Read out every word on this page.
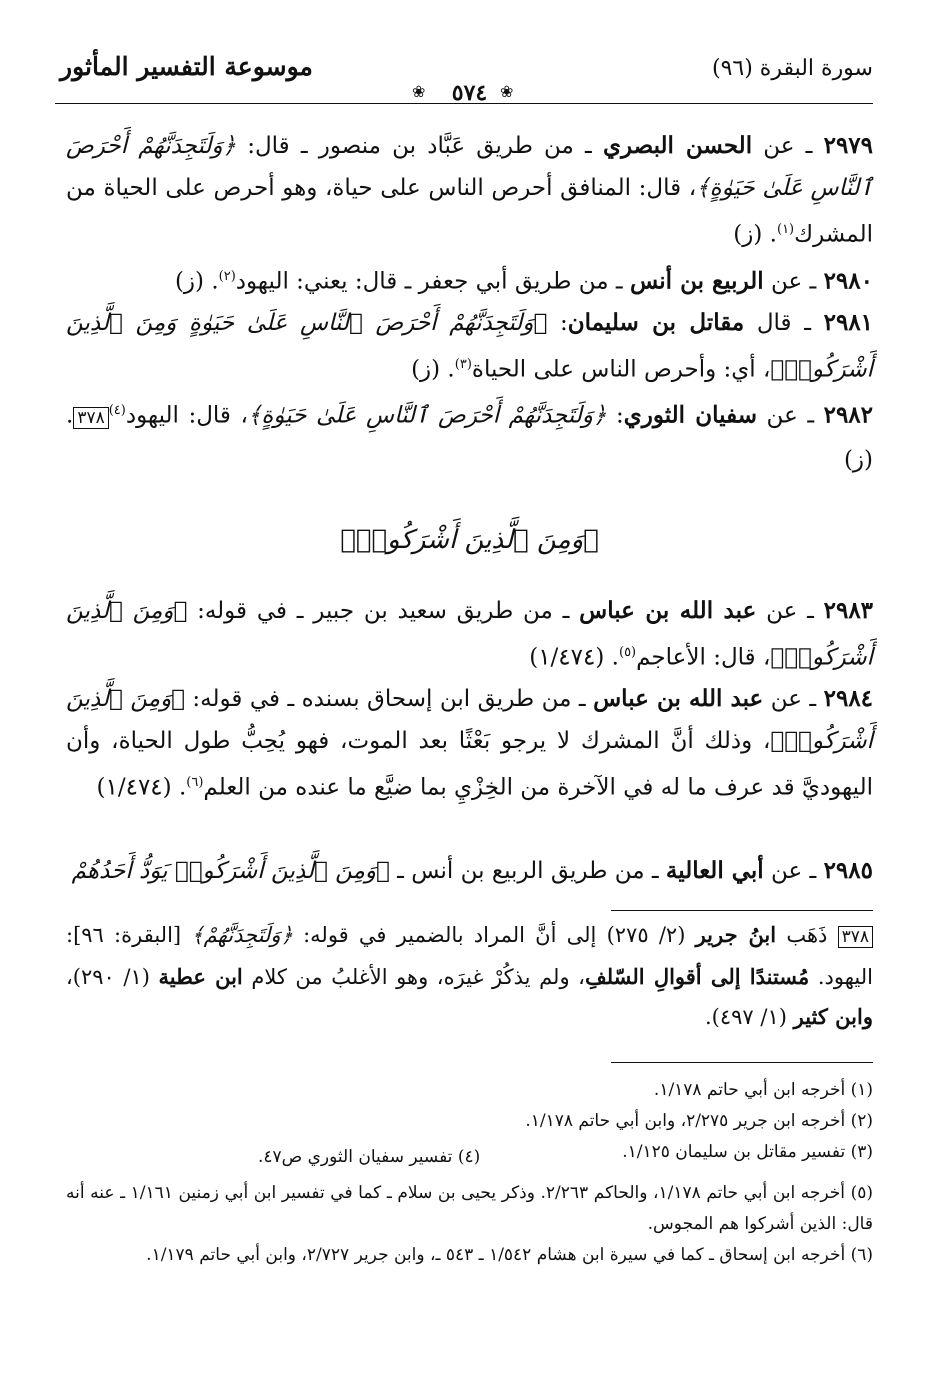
موسوعة التفسير المأثور	سورة البقرة (٩٦)
❀	٥٧٤ ❀
٢٩٧٩ ـ عن الحسن البصري ـ من طريق عَبَّاد بن منصور ـ قال: ﴿وَلَتَجِدَنَّهُمْ أَحْرَصَ ٱلنَّاسِ عَلَىٰ حَيَوٰةٍ﴾، قال: المنافق أحرص الناس على حياة، وهو أحرص على الحياة من المشرك$^{(١)}$. (ز)
٢٩٨٠ ـ عن الربيع بن أنس ـ من طريق أبي جعفر ـ قال: يعني: اليهود$^{(٢)}$. (ز)
٢٩٨١ ـ قال مقاتل بن سليمان: ﴿وَلَتَجِدَنَّهُمْ أَحْرَصَ ٱلنَّاسِ عَلَىٰ حَيَوٰةٍ وَمِنَ ٱلَّذِينَ أَشْرَكُوا۟﴾، أي: وأحرص الناس على الحياة$^{(٣)}$. (ز)
٢٩٨٢ ـ عن سفيان الثوري: ﴿وَلَتَجِدَنَّهُمْ أَحْرَصَ ٱلنَّاسِ عَلَىٰ حَيَوٰةٍ﴾، قال: اليهود$^{(٤)}$٣٧٨. (ز)
﴿وَمِنَ ٱلَّذِينَ أَشْرَكُوا۟﴾
٢٩٨٣ ـ عن عبد الله بن عباس ـ من طريق سعيد بن جبير ـ في قوله: ﴿وَمِنَ ٱلَّذِينَ أَشْرَكُوا۟﴾، قال: الأعاجم$^{(٥)}$. (١/٤٧٤)
٢٩٨٤ ـ عن عبد الله بن عباس ـ من طريق ابن إسحاق بسنده ـ في قوله: ﴿وَمِنَ ٱلَّذِينَ أَشْرَكُوا۟﴾، وذلك أنَّ المشرك لا يرجو بَعْثًا بعد الموت، فهو يُحِبُّ طول الحياة، وأن اليهوديَّ قد عرف ما له في الآخرة من الخِزْيِ بما ضيَّع ما عنده من العلم$^{(٦)}$. (١/٤٧٤)
٢٩٨٥ ـ عن أبي العالية ـ من طريق الربيع بن أنس ـ ﴿وَمِنَ ٱلَّذِينَ أَشْرَكُوا۟ يَوَدُّ أَحَدُهُمْ
٣٧٨ ذَهَب ابنُ جرير (٢/ ٢٧٥) إلى أنَّ المراد بالضمير في قوله: ﴿وَلَتَجِدَنَّهُمْ﴾ [البقرة: ٩٦]: اليهود. مُستندًا إلى أقوالِ السّلفِ، ولم يذكُرْ غيرَه، وهو الأغلبُ من كلام ابن عطية (١/ ٢٩٠)، وابن كثير (١/ ٤٩٧).
(١) أخرجه ابن أبي حاتم ١/١٧٨.
(٢) أخرجه ابن جرير ٢/٢٧٥، وابن أبي حاتم ١/١٧٨.
(٣) تفسير مقاتل بن سليمان ١/١٢٥.
(٤) تفسير سفيان الثوري ص٤٧.
(٥) أخرجه ابن أبي حاتم ١/١٧٨، والحاكم ٢/٢٦٣. وذكر يحيى بن سلام ـ كما في تفسير ابن أبي زمنين ١/١٦١ ـ عنه أنه قال: الذين أشركوا هم المجوس.
(٦) أخرجه ابن إسحاق ـ كما في سيرة ابن هشام ١/٥٤٢ ـ ٥٤٣ ـ، وابن جرير ٢/٧٢٧، وابن أبي حاتم ١/١٧٩.
